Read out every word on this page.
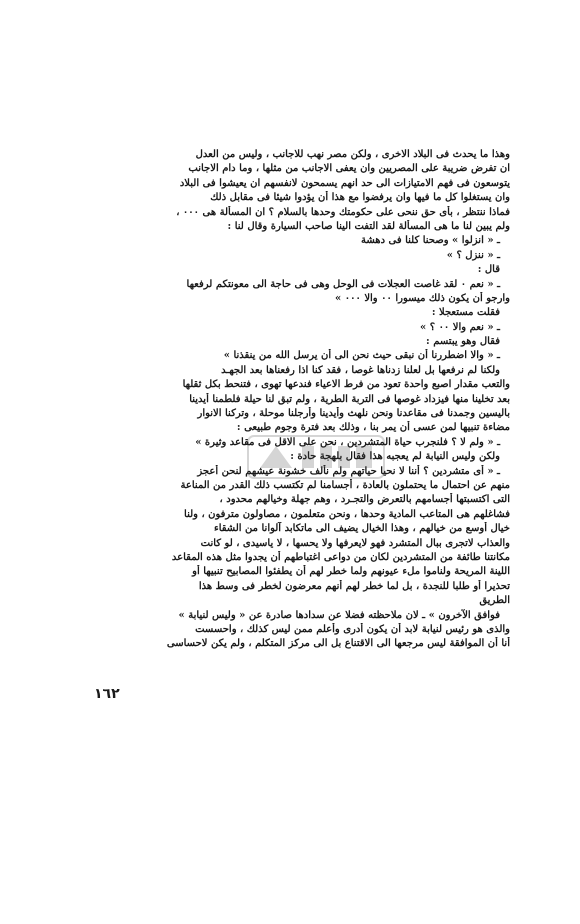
وهذا ما يحدث فى البلاد الاخرى ، ولكن مصر نهب للاجانب ، وليس من العدل
ان تفرض ضريبة على المصريين وان يعفى الاجانب من مثلها ، وما دام الاجانب
يتوسعون فى فهم الامتيازات الى حد انهم يسمحون لانفسهم ان يعيشوا فى البلاد
وان يستغلوا كل ما فيها وان يرفضوا مع هذا أن يؤدوا شيئا فى مقابل ذلك
فماذا ننتظر ، بأى حق ننحى على حكومتك وحدها بالسلام ؟ ان المسألة هى ٠٠٠ ،
ولم يبين لنا ما هى المسألة لقد التفت الينا صاحب السيارة وقال لنا :
ـ « انزلوا » وصحنا كلنا فى دهشة
ـ « ننزل ؟ »
قال :
ـ « نعم ٠ لقد غاصت العجلات فى الوحل وهى فى حاجة الى معونتكم لرفعها
وارجو أن يكون ذلك ميسورا ٠٠ والا ٠٠٠ »
فقلت مستعجلا :
ـ « نعم والا ٠٠ ؟ »
فقال وهو يبتسم :
ـ « والا اضطررنا أن نبقى حيث نحن الى أن يرسل الله من ينقذنا »
ولكنا لم نرفعها بل لعلنا زدناها غوصا ، فقد كنا اذا رفعناها بعد الجهـد
والتعب مقدار اصبع واحدة تعود من فرط الاعياء فندعها تهوى ، فتنحط بكل ثقلها
بعد تخلينا منها فيزداد غوصها فى التربة الطرية ، ولم تبق لنا حيلة فلطمنا أيدينا
باليسين وجمدنا فى مقاعدنا ونحن نلهث وأيدينا وأرجلنا موحلة ، وتركنا الانوار
مضاءة تنبيها لمن عسى أن يمر بنا ، وذلك بعد فترة وجوم طبيعى :
ـ « ولم لا ؟ فلنجرب حياة المتشردين ، نحن على الاقل فى مقاعد وثيرة »
ولكن وليس النيابة لم يعجبه هذا فقال بلهجة حادة :
ـ « أى متشردين ؟ أننا لا نحيا حياتهم ولم نألف خشونة عيشهم لنحن أعجز
منهم عن احتمال ما يحتملون بالعادة ، أجسامنا لم تكتسب ذلك القدر من المناعة
التى اكتسبتها أجسامهم بالتعرض والتجـرد ، وهم جهلة وخيالهم محدود ،
فشاغلهم هى المتاعب المادية وحدها ، ونحن متعلمون ، مصاولون مترفون ، ولنا
خيال أوسع من خيالهم ، وهذا الخيال يضيف الى ماتكابد آلوانا من الشقاء
والعذاب لاتجرى ببال المتشرد فهو لايعرفها ولا يحسها ، لا ياسيدى ، لو كانت
مكانتنا طائفة من المتشردين لكان من دواعى اغتباطهم أن يجدوا مثل هذه المقاعد
اللينة المريحة ولناموا ملء عيونهم ولما خطر لهم أن يطفئوا المصابيح تنبيها أو
تحذيرا أو طلبا للنجدة ، بل لما خطر لهم أنهم معرضون لخطر فى وسط هذا
الطريق
فوافق الآخرون » ـ لان ملاحظته فضلا عن سدادها صادرة عن « وليس لنيابة »
والذى هو رئيس لنيابة لابد أن يكون أدرى وأعلم ممن ليس كذلك ، واحسست
أنا أن الموافقة ليس مرجعها الى الاقتناع بل الى مركز المتكلم ، ولم يكن لاحساسى
١٦٢
